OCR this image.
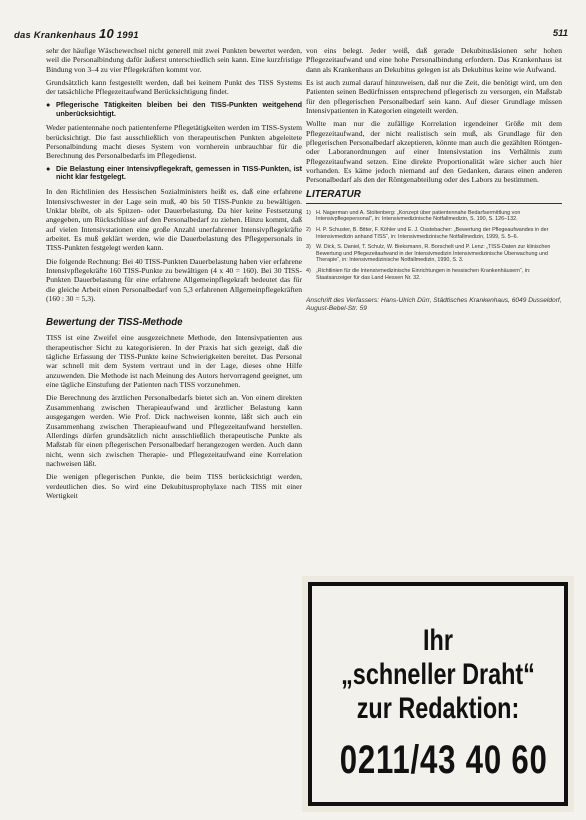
das Krankenhaus 10 1991	511

sehr der häufige Wäschewechsel nicht generell mit zwei Punkten bewertet werden, weil die Personalbindung dafür äußerst unterschiedlich sein kann. Eine kurzfristige Bindung von 3–4 zu vier Pflegekräften kommt vor.

Grundsätzlich kann festgestellt werden, daß bei keinem Punkt des TISS Systems der tatsächliche Pflegezeitaufwand Berücksichtigung findet.

● Pflegerische Tätigkeiten bleiben bei den TISS-Punkten weitgehend unberücksichtigt.

Weder patientennahe noch patientenferne Pflegetätigkeiten werden im TISS-System berücksichtigt. Die fast ausschließlich von therapeutischen Punkten abgeleitete Personalbindung macht dieses System von vornherein unbrauchbar für die Berechnung des Personalbedarfs im Pflegedienst.

● Die Belastung einer Intensivpflegekraft, gemessen in TISS-Punkten, ist nicht klar festgelegt.

In den Richtlinien des Hessischen Sozialministers heißt es, daß eine erfahrene Intensivschwester in der Lage sein muß, 40 bis 50 TISS-Punkte zu bewältigen. Unklar bleibt, ob als Spitzen- oder Dauerbelastung. Da hier keine Festsetzung angegeben, um Rückschlüsse auf den Personalbedarf zu ziehen. Hinzu kommt, daß auf vielen Intensivstationen eine große Anzahl unerfahrener Intensivpflegekräfte arbeitet. Es muß geklärt werden, wie die Dauerbelastung des Pflegepersonals in TISS-Punkten festgelegt werden kann.

Die folgende Rechnung: Bei 40 TISS-Punkten Dauerbelastung haben vier erfahrene Intensivpflegekräfte 160 TISS-Punkte zu bewältigen (4 x 40 = 160). Bei 30 TISS-Punkten Dauerbelastung für eine erfahrene Allgemeinpflegekraft bedeutet das für die gleiche Arbeit einen Personalbedarf von 5,3 erfahrenen Allgemeinpflegekräften (160 : 30 = 5,3).

Bewertung der TISS-Methode

TISS ist eine Zweifel eine ausgezeichnete Methode, den Intensivpatienten aus therapeutischer Sicht zu kategorisieren. In der Praxis hat sich gezeigt, daß die tägliche Erfassung der TISS-Punkte keine Schwierigkeiten bereitet. Das Personal war schnell mit dem System vertraut und in der Lage, dieses ohne Hilfe anzuwenden. Die Methode ist nach Meinung des Autors hervorragend geeignet, um eine tägliche Einstufung der Patienten nach TISS vorzunehmen.

Die Berechnung des ärztlichen Personalbedarfs bietet sich an. Von einem direkten Zusammenhang zwischen Therapieaufwand und ärztlicher Belastung kann ausgegangen werden. Wie Prof. Dick nachweisen konnte, läßt sich auch ein Zusammenhang zwischen Therapieaufwand und Pflegezeitaufwand herstellen. Allerdings dürfen grundsätzlich nicht ausschließlich therapeutische Punkte als Maßstab für einen pflegerischen Personalbedarf herangezogen werden. Auch dann nicht, wenn sich zwischen Therapie- und Pflegezeitaufwand eine Korrelation nachweisen läßt.

Die wenigen pflegerischen Punkte, die beim TISS berücksichtigt werden, verdeutlichen dies. So wird eine Dekubitusprophylaxe nach TISS mit einer Wertigkeit

von eins belegt. Jeder weiß, daß gerade Dekubitusläsionen sehr hohen Pflegezeitaufwand und eine hohe Personalbindung erfordern. Das Krankenhaus ist dann als Krankenhaus an Dekubitus gelegen ist als Dekubitus keine wie Aufwand.

Es ist auch zumal darauf hinzuweisen, daß nur die Zeit, die benötigt wird, um den Patienten seinen Bedürfnissen entsprechend pflegerisch zu versorgen, ein Maßstab für den pflegerischen Personalbedarf sein kann. Auf dieser Grundlage müssen Intensivpatienten in Kategorien eingeteilt werden.

Wollte man nur die zufällige Korrelation irgendeiner Größe mit dem Pflegezeitaufwand, der nicht realistisch sein muß, als Grundlage für den pflegerischen Personalbedarf akzeptieren, könnte man auch die gezählten Röntgen- oder Laboranordnungen auf einer Intensivstation ins Verhältnis zum Pflegezeitaufwand setzen. Eine direkte Proportionalität wäre sicher auch hier vorhanden. Es käme jedoch niemand auf den Gedanken, daraus einen anderen Personalbedarf als den der Röntgenabteilung oder des Labors zu bestimmen.

LITERATUR
1) H. Nagerman und A. Stoltenberg: „Konzept über patientennahe Bedarfsermittlung von Intensivpflegepersonal“, in: Intensivmedizinische Notfallmedizin, S. 190, S. 126–132.
2) H. P. Schuster, B. Bitter, F. Köhler und E. J. Osstebacher: „Bewertung der Pflegeaufwandes in der Intensivmedizin anhand TISS“, in: Intensivmedizinische Notfallmedizin, 1999, S. 5–6.
3) W. Dick, S. Daniel, T. Schulz, W. Bieksmann, R. Borschelt und P. Lenz: „TISS-Daten zur klinischen Bewertung und Pflegezeitaufwand in der Intensivmedizin Intensivmedizinische Überwachung und Therapie“, in: Intensivmedizinische Notfallmedizin, 1990, S. 3.
4) „Richtlinien für die Intensivmedizinische Einrichtungen in hessischen Krankenhäusern“, in: Staatsanzeiger für das Land Hessen Nr. 32.
Anschrift des Verfassers: Hans-Ulrich Dürr, Städtisches Krankenhaus, 6049 Dusseldorf, August-Bebel-Str. 59
Ihr
„schneller Draht“
zur Redaktion:
0211/43 40 60
